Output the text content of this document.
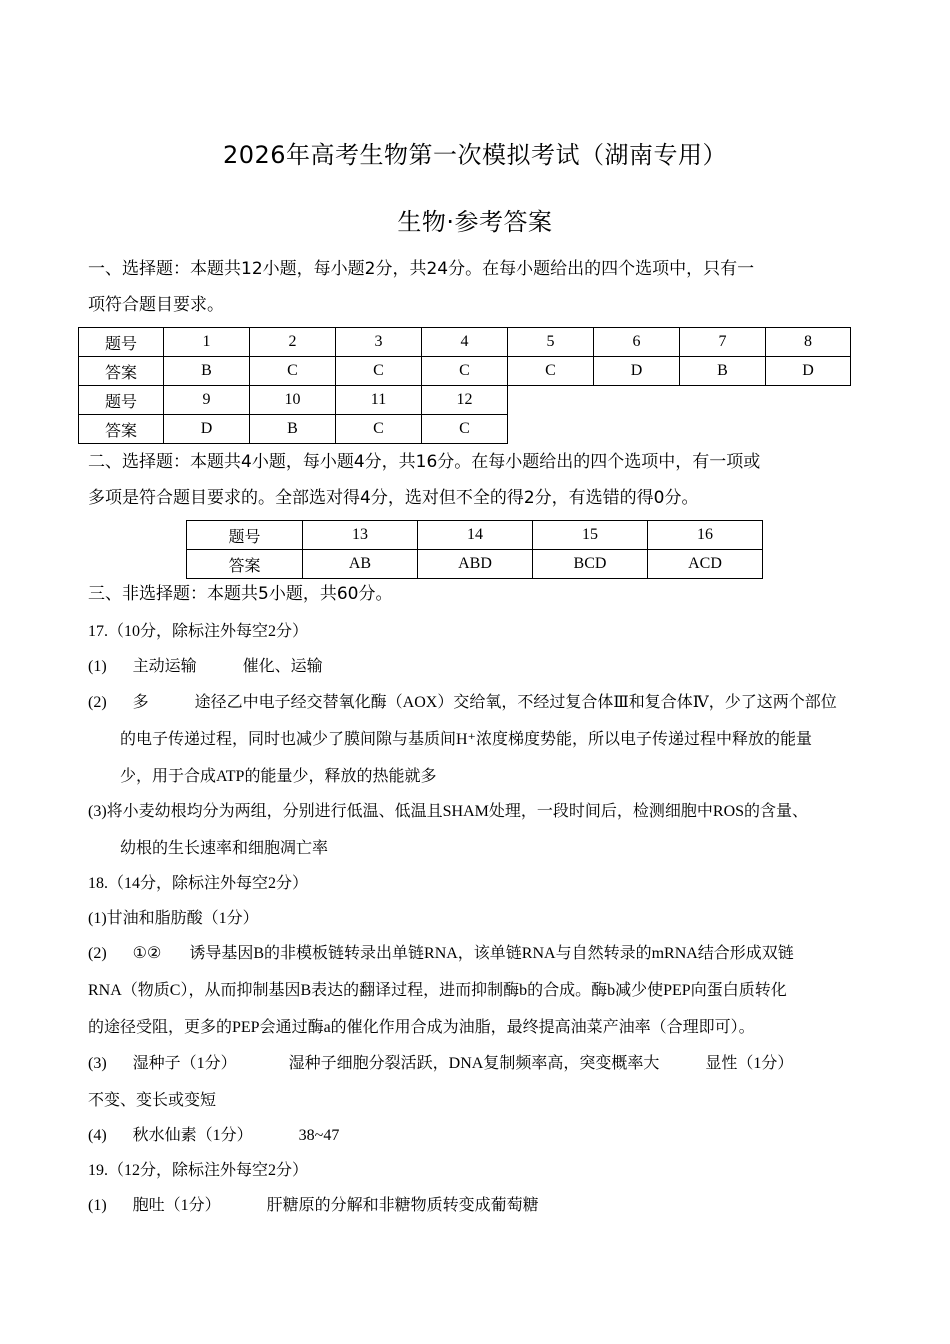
2026年高考生物第一次模拟考试（湖南专用）
生物·参考答案
一、选择题：本题共12小题，每小题2分，共24分。在每小题给出的四个选项中，只有一
项符合题目要求。
题号	1	2	3	4	5	6	7	8
答案	B	C	C	C	C	D	B	D
题号	9	10	11	12				
答案	D	B	C	C				
二、选择题：本题共4小题，每小题4分，共16分。在每小题给出的四个选项中，有一项或
多项是符合题目要求的。全部选对得4分，选对但不全的得2分，有选错的得0分。
题号	13	14	15	16
答案	AB	ABD	BCD	ACD
三、非选择题：本题共5小题，共60分。
17.（10分，除标注外每空2分）
(1) 主动运输	催化、运输
(2) 多	途径乙中电子经交替氧化酶（AOX）交给氧，不经过复合体Ⅲ和复合体Ⅳ，少了这两个部位
的电子传递过程，同时也减少了膜间隙与基质间H⁺浓度梯度势能，所以电子传递过程中释放的能量
少，用于合成ATP的能量少，释放的热能就多
(3)将小麦幼根均分为两组，分别进行低温、低温且SHAM处理，一段时间后，检测细胞中ROS的含量、
幼根的生长速率和细胞凋亡率
18.（14分，除标注外每空2分）
(1)甘油和脂肪酸（1分）
(2) ①② 诱导基因B的非模板链转录出单链RNA，该单链RNA与自然转录的mRNA结合形成双链
RNA（物质C），从而抑制基因B表达的翻译过程，进而抑制酶b的合成。酶b减少使PEP向蛋白质转化
的途径受阻，更多的PEP会通过酶a的催化作用合成为油脂，最终提高油菜产油率（合理即可）。
(3) 湿种子（1分）	湿种子细胞分裂活跃，DNA复制频率高，突变概率大	显性（1分）
不变、变长或变短
(4) 秋水仙素（1分）	38~47
19.（12分，除标注外每空2分）
(1) 胞吐（1分）	肝糖原的分解和非糖物质转变成葡萄糖
